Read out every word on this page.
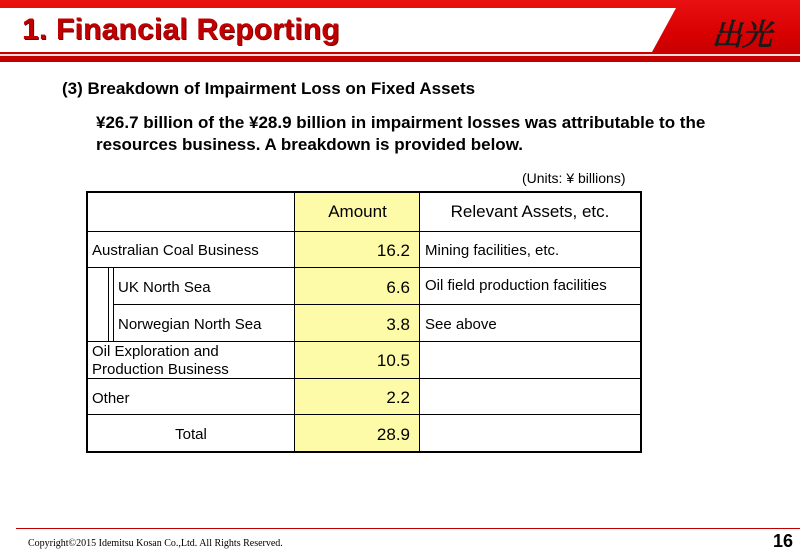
1. Financial Reporting	出光
(3) Breakdown of Impairment Loss on Fixed Assets
¥26.7 billion of the ¥28.9 billion in impairment losses was attributable to the resources business. A breakdown is provided below.
(Units: ¥ billions)
Amount	Relevant Assets, etc.
Australian Coal Business	16.2 Mining facilities, etc.
UK North Sea	6.6 Oil field production facilities
Norwegian North Sea	3.8 See above
Oil Exploration and
Production Business	10.5
Other	2.2
Total	28.9
Copyright©2015 Idemitsu Kosan Co.,Ltd. All Rights Reserved.	16
